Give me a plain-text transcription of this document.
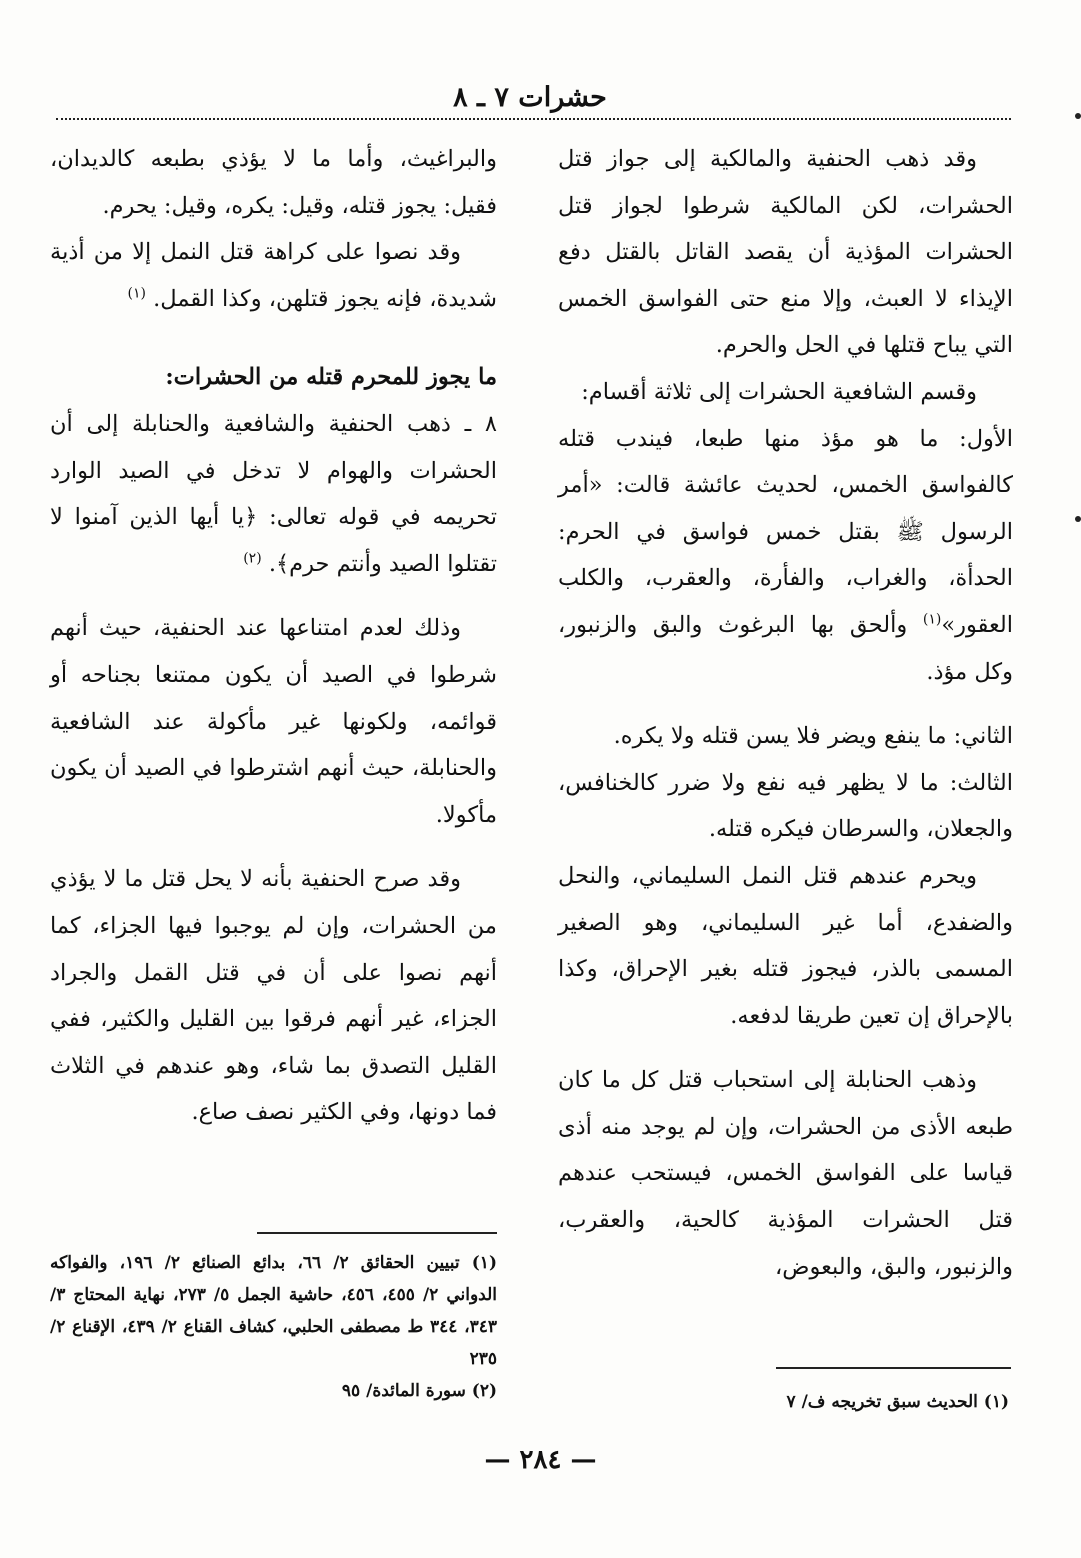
حشرات ٧ ـ ٨

وقد ذهب الحنفية والمالكية إلى جواز قتل الحشرات، لكن المالكية شرطوا لجواز قتل الحشرات المؤذية أن يقصد القاتل بالقتل دفع الإيذاء لا العبث، وإلا منع حتى الفواسق الخمس التي يباح قتلها في الحل والحرم.

وقسم الشافعية الحشرات إلى ثلاثة أقسام:

الأول: ما هو مؤذ منها طبعا، فيندب قتله كالفواسق الخمس، لحديث عائشة قالت: «أمر الرسول ﷺ بقتل خمس فواسق في الحرم: الحدأة، والغراب، والفأرة، والعقرب، والكلب العقور»$^{(١)}$ وألحق بها البرغوث والبق والزنبور، وكل مؤذ.

الثاني: ما ينفع ويضر فلا يسن قتله ولا يكره.

الثالث: ما لا يظهر فيه نفع ولا ضرر كالخنافس، والجعلان، والسرطان فيكره قتله.

ويحرم عندهم قتل النمل السليماني، والنحل والضفدع، أما غير السليماني، وهو الصغير المسمى بالذر، فيجوز قتله بغير الإحراق، وكذا بالإحراق إن تعين طريقا لدفعه.

وذهب الحنابلة إلى استحباب قتل كل ما كان طبعه الأذى من الحشرات، وإن لم يوجد منه أذى قياسا على الفواسق الخمس، فيستحب عندهم قتل الحشرات المؤذية كالحية، والعقرب، والزنبور، والبق، والبعوض،

والبراغيث، وأما ما لا يؤذي بطبعه كالديدان، فقيل: يجوز قتله، وقيل: يكره، وقيل: يحرم.

وقد نصوا على كراهة قتل النمل إلا من أذية شديدة، فإنه يجوز قتلهن، وكذا القمل. $^{(١)}$

ما يجوز للمحرم قتله من الحشرات:

٨ ـ ذهب الحنفية والشافعية والحنابلة إلى أن الحشرات والهوام لا تدخل في الصيد الوارد تحريمه في قوله تعالى: ﴿يا أيها الذين آمنوا لا تقتلوا الصيد وأنتم حرم﴾. $^{(٢)}$

وذلك لعدم امتناعها عند الحنفية، حيث أنهم شرطوا في الصيد أن يكون ممتنعا بجناحه أو قوائمه، ولكونها غير مأكولة عند الشافعية والحنابلة، حيث أنهم اشترطوا في الصيد أن يكون مأكولا.

وقد صرح الحنفية بأنه لا يحل قتل ما لا يؤذي من الحشرات، وإن لم يوجبوا فيها الجزاء، كما أنهم نصوا على أن في قتل القمل والجراد الجزاء، غير أنهم فرقوا بين القليل والكثير، ففي القليل التصدق بما شاء، وهو عندهم في الثلاث فما دونها، وفي الكثير نصف صاع.

(١) الحديث سبق تخريجه ف/ ٧

(١) تبيين الحقائق ٢/ ٦٦، بدائع الصنائع ٢/ ١٩٦، والفواكه الدواني ٢/ ٤٥٥، ٤٥٦، حاشية الجمل ٥/ ٢٧٣، نهاية المحتاج ٣/ ٣٤٣، ٣٤٤ ط مصطفى الحلبي، كشاف القناع ٢/ ٤٣٩، الإقناع ٢/ ٢٣٥

(٢) سورة المائدة/ ٩٥

— ٢٨٤ —
